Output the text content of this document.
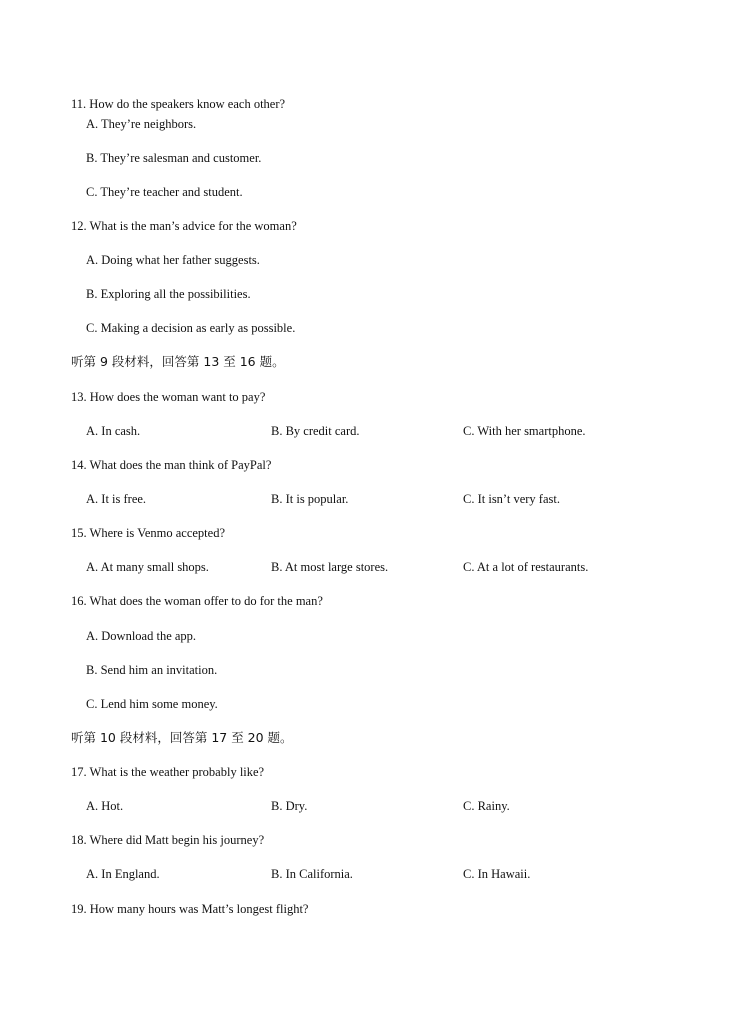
11. How do the speakers know each other?
A. They’re neighbors.
B. They’re salesman and customer.
C. They’re teacher and student.
12. What is the man’s advice for the woman?
A. Doing what her father suggests.
B. Exploring all the possibilities.
C. Making a decision as early as possible.
听第 9 段材料，回答第 13 至 16 题。
13. How does the woman want to pay?
A. In cash.	B. By credit card.	C. With her smartphone.
14. What does the man think of PayPal?
A. It is free.	B. It is popular.	C. It isn’t very fast.
15. Where is Venmo accepted?
A. At many small shops.	B. At most large stores.	C. At a lot of restaurants.
16. What does the woman offer to do for the man?
A. Download the app.
B. Send him an invitation.
C. Lend him some money.
听第 10 段材料，回答第 17 至 20 题。
17. What is the weather probably like?
A. Hot.	B. Dry.	C. Rainy.
18. Where did Matt begin his journey?
A. In England.	B. In California.	C. In Hawaii.
19. How many hours was Matt’s longest flight?
